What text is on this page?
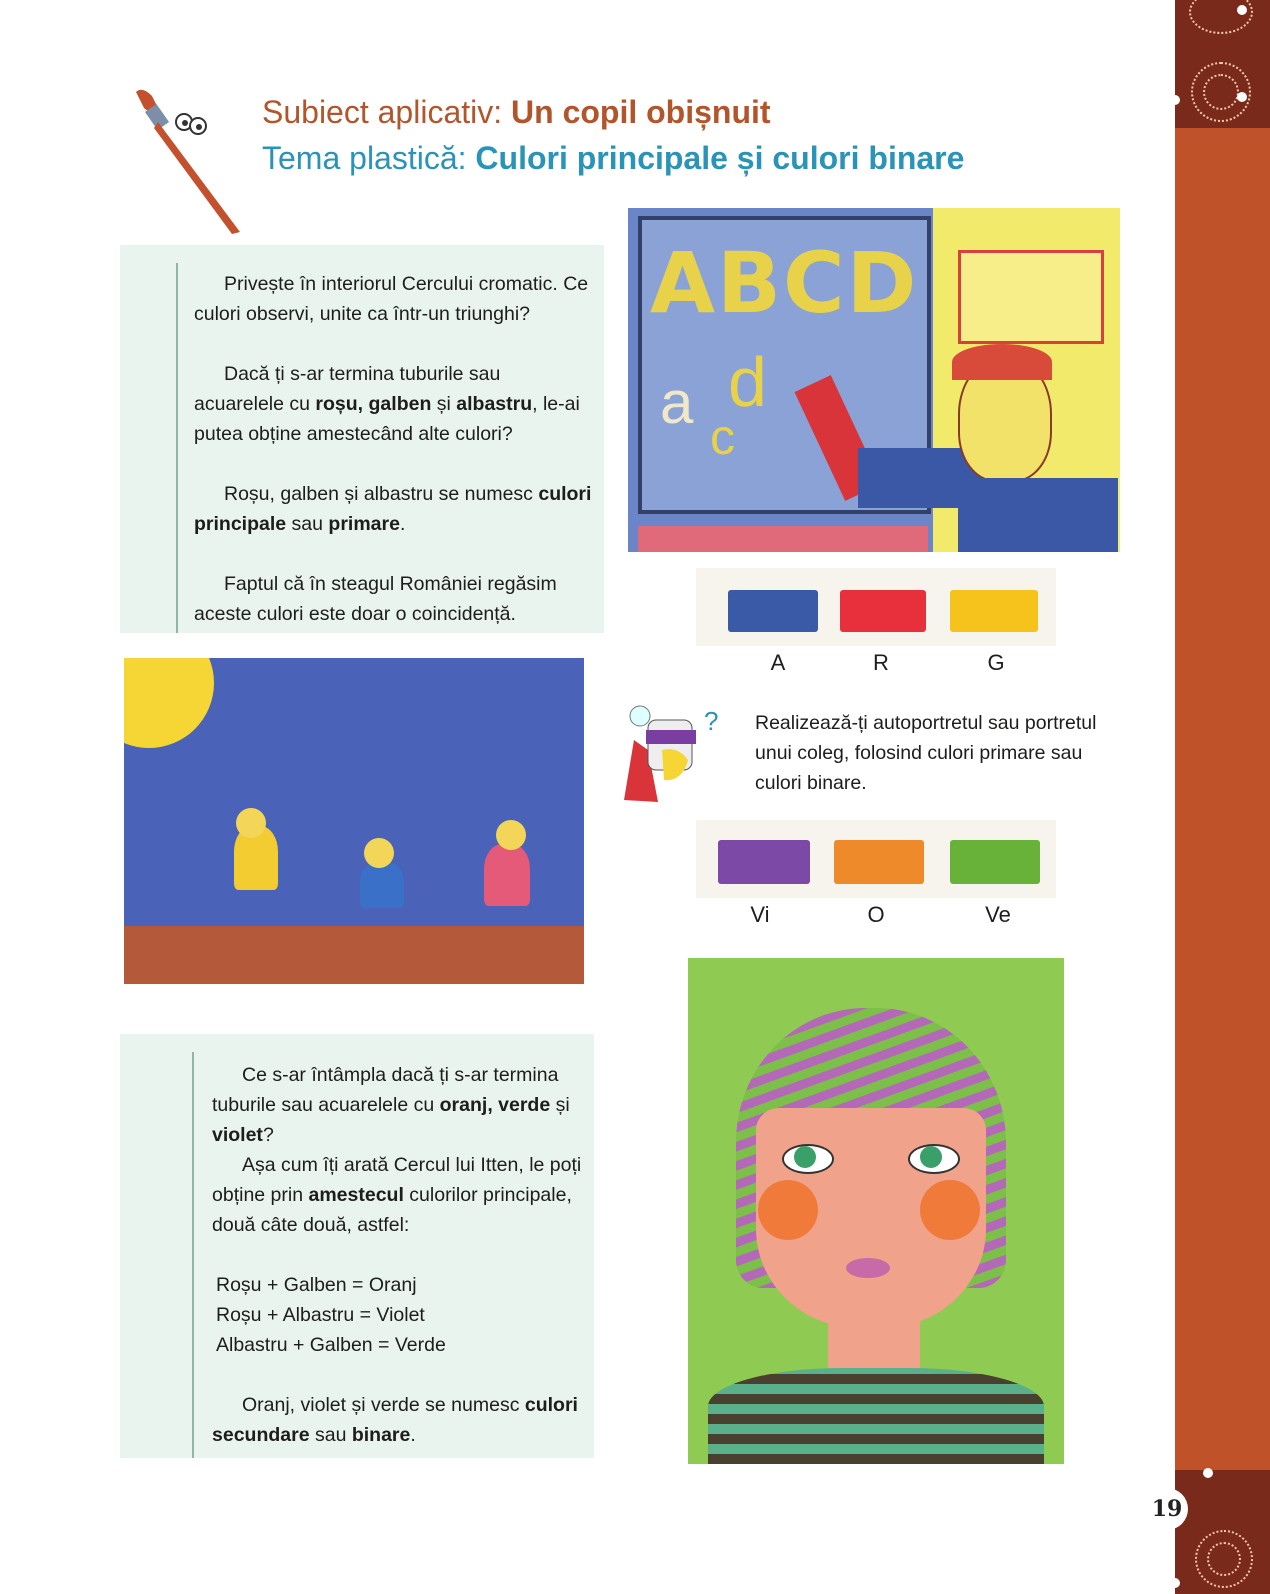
19
Subiect aplicativ: Un copil obișnuit
Tema plastică: Culori principale și culori binare

Privește în interiorul Cercului cromatic. Ce culori observi, unite ca într-un triunghi?

Dacă ți s-ar termina tuburile sau acuarelele cu roșu, galben și albastru, le-ai putea obține amestecând alte culori?

Roșu, galben și albastru se numesc culori principale sau primare.

Faptul că în steagul României regăsim aceste culori este doar o coincidență.

ABCD
a
c
d
A	R	G
? Realizează-ți autoportretul sau portretul unui coleg, folosind culori primare sau culori binare.
Vi	O	Ve

Ce s-ar întâmpla dacă ți s-ar termina tuburile sau acuarelele cu oranj, verde și violet?

Așa cum îți arată Cercul lui Itten, le poți obține prin amestecul culorilor principale, două câte două, astfel:

Roșu + Galben = Oranj
Roșu + Albastru = Violet
Albastru + Galben = Verde

Oranj, violet și verde se numesc culori secundare sau binare.
